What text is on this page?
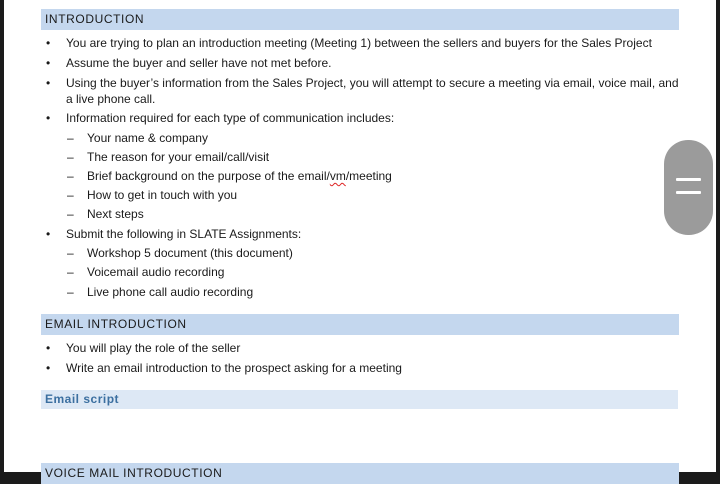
INTRODUCTION
• You are trying to plan an introduction meeting (Meeting 1) between the sellers and buyers for the Sales Project
• Assume the buyer and seller have not met before.
• Using the buyer’s information from the Sales Project, you will attempt to secure a meeting via email, voice mail, and
a live phone call.
• Information required for each type of communication includes:
– Your name & company
– The reason for your email/call/visit
– Brief background on the purpose of the email/vm/meeting
– How to get in touch with you
– Next steps
• Submit the following in SLATE Assignments:
– Workshop 5 document (this document)
– Voicemail audio recording
– Live phone call audio recording
EMAIL INTRODUCTION
• You will play the role of the seller
• Write an email introduction to the prospect asking for a meeting
Email script
VOICE MAIL INTRODUCTION
